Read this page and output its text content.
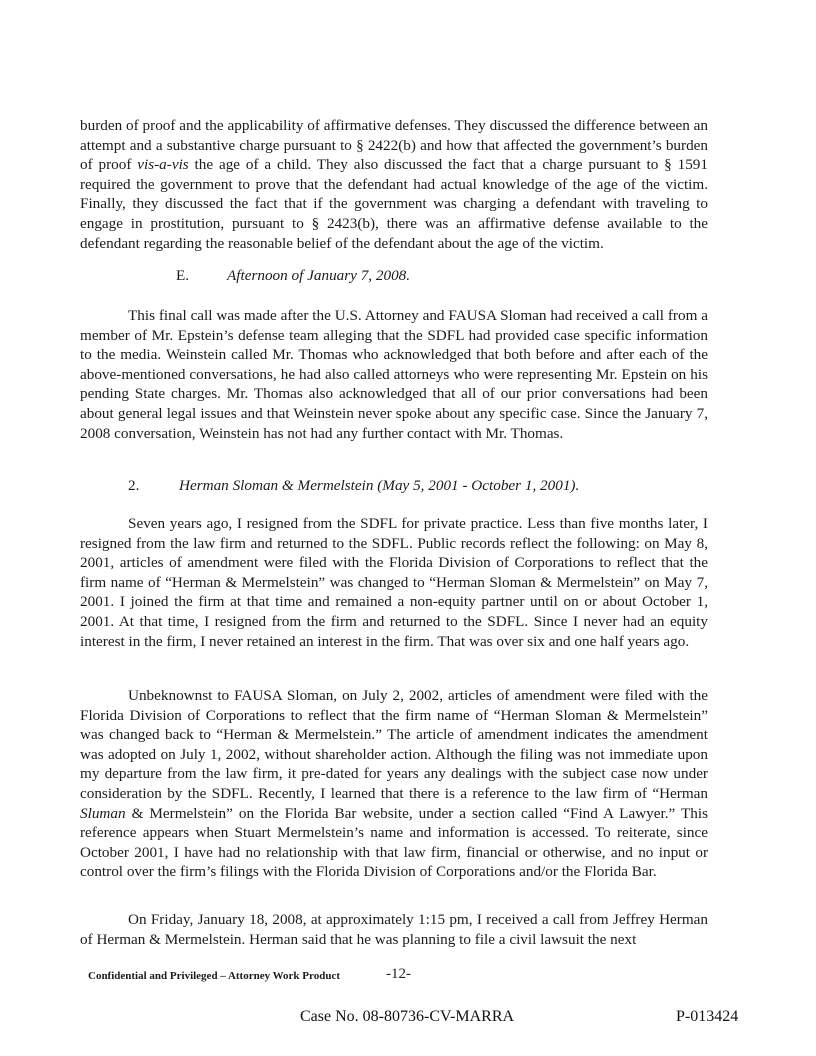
burden of proof and the applicability of affirmative defenses. They discussed the difference between an attempt and a substantive charge pursuant to § 2422(b) and how that affected the government’s burden of proof vis-a-vis the age of a child. They also discussed the fact that a charge pursuant to § 1591 required the government to prove that the defendant had actual knowledge of the age of the victim. Finally, they discussed the fact that if the government was charging a defendant with traveling to engage in prostitution, pursuant to § 2423(b), there was an affirmative defense available to the defendant regarding the reasonable belief of the defendant about the age of the victim.

E. Afternoon of January 7, 2008.

This final call was made after the U.S. Attorney and FAUSA Sloman had received a call from a member of Mr. Epstein’s defense team alleging that the SDFL had provided case specific information to the media. Weinstein called Mr. Thomas who acknowledged that both before and after each of the above-mentioned conversations, he had also called attorneys who were representing Mr. Epstein on his pending State charges. Mr. Thomas also acknowledged that all of our prior conversations had been about general legal issues and that Weinstein never spoke about any specific case. Since the January 7, 2008 conversation, Weinstein has not had any further contact with Mr. Thomas.

2.	Herman Sloman & Mermelstein (May 5, 2001 - October 1, 2001).

Seven years ago, I resigned from the SDFL for private practice. Less than five months later, I resigned from the law firm and returned to the SDFL. Public records reflect the following: on May 8, 2001, articles of amendment were filed with the Florida Division of Corporations to reflect that the firm name of “Herman & Mermelstein” was changed to “Herman Sloman & Mermelstein” on May 7, 2001. I joined the firm at that time and remained a non-equity partner until on or about October 1, 2001. At that time, I resigned from the firm and returned to the SDFL. Since I never had an equity interest in the firm, I never retained an interest in the firm. That was over six and one half years ago.

Unbeknownst to FAUSA Sloman, on July 2, 2002, articles of amendment were filed with the Florida Division of Corporations to reflect that the firm name of “Herman Sloman & Mermelstein” was changed back to “Herman & Mermelstein.” The article of amendment indicates the amendment was adopted on July 1, 2002, without shareholder action. Although the filing was not immediate upon my departure from the law firm, it pre-dated for years any dealings with the subject case now under consideration by the SDFL. Recently, I learned that there is a reference to the law firm of “Herman Sluman & Mermelstein” on the Florida Bar website, under a section called “Find A Lawyer.” This reference appears when Stuart Mermelstein’s name and information is accessed. To reiterate, since October 2001, I have had no relationship with that law firm, financial or otherwise, and no input or control over the firm’s filings with the Florida Division of Corporations and/or the Florida Bar.

On Friday, January 18, 2008, at approximately 1:15 pm, I received a call from Jeffrey Herman of Herman & Mermelstein. Herman said that he was planning to file a civil lawsuit the next

Confidential and Privileged – Attorney Work Product	-12-
Case No. 08-80736-CV-MARRA	P-013424
